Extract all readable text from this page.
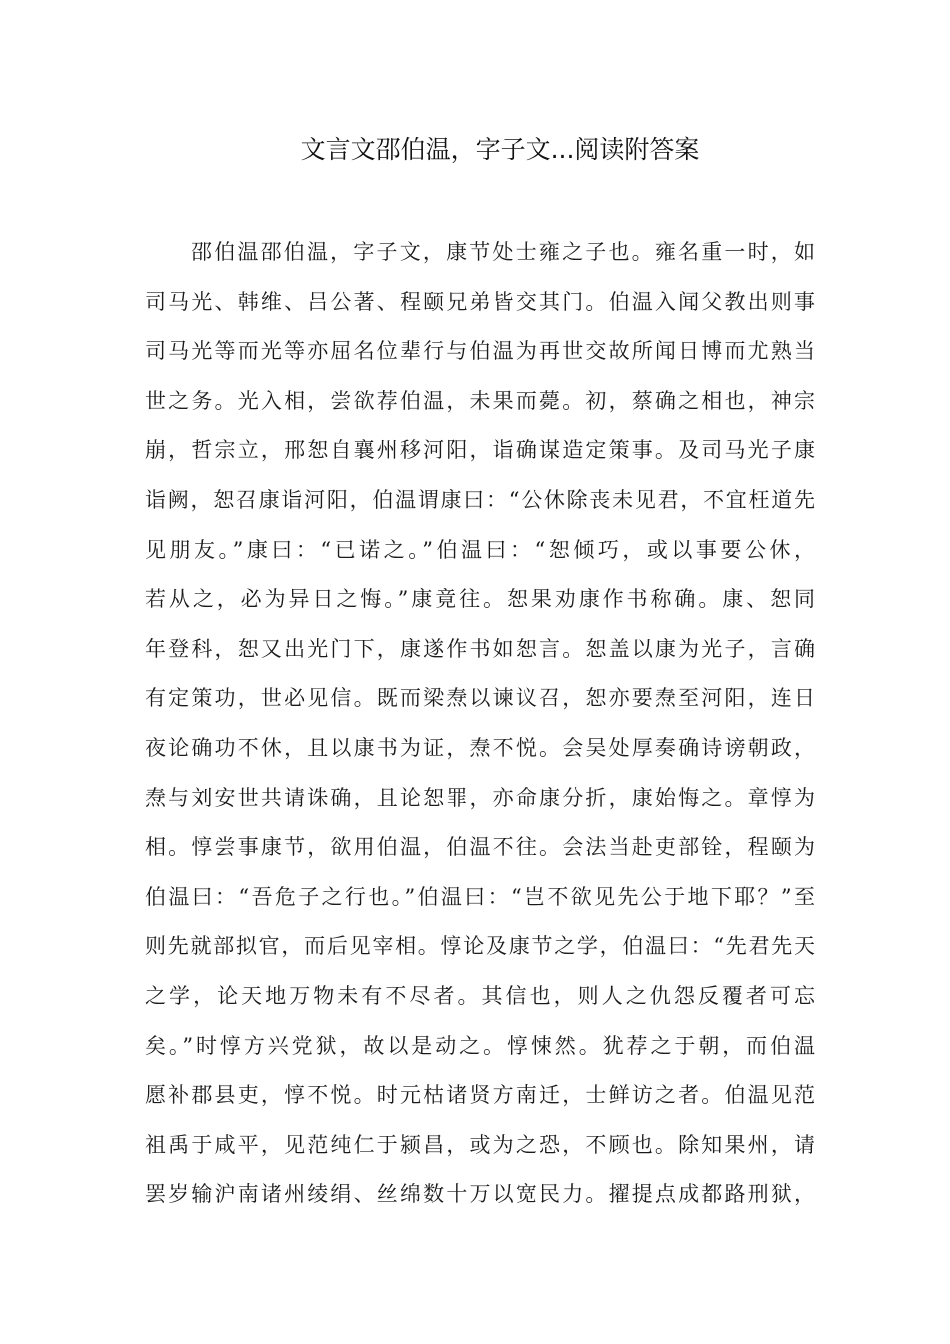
文言文邵伯温，字子文...阅读附答案
邵伯温邵伯温，字子文，康节处士雍之子也。雍名重一时，如
司马光、韩维、吕公著、程颐兄弟皆交其门。伯温入闻父教出则事
司马光等而光等亦屈名位辈行与伯温为再世交故所闻日博而尤熟当
世之务。光入相，尝欲荐伯温，未果而薨。初，蔡确之相也，神宗
崩，哲宗立，邢恕自襄州移河阳，诣确谋造定策事。及司马光子康
诣阙，恕召康诣河阳，伯温谓康曰：“公休除丧未见君，不宜枉道先
见朋友。”康曰：“已诺之。”伯温曰：“恕倾巧，或以事要公休，
若从之，必为异日之悔。”康竟往。恕果劝康作书称确。康、恕同
年登科，恕又出光门下，康遂作书如恕言。恕盖以康为光子，言确
有定策功，世必见信。既而梁焘以谏议召，恕亦要焘至河阳，连日
夜论确功不休，且以康书为证，焘不悦。会吴处厚奏确诗谤朝政，
焘与刘安世共请诛确，且论恕罪，亦命康分折，康始悔之。章惇为
相。惇尝事康节，欲用伯温，伯温不往。会法当赴吏部铨，程颐为
伯温曰：“吾危子之行也。”伯温曰：“岂不欲见先公于地下耶？”至
则先就部拟官，而后见宰相。惇论及康节之学，伯温曰：“先君先天
之学，论天地万物未有不尽者。其信也，则人之仇怨反覆者可忘
矣。”时惇方兴党狱，故以是动之。惇悚然。犹荐之于朝，而伯温
愿补郡县吏，惇不悦。时元枯诸贤方南迁，士鲜访之者。伯温见范
祖禹于咸平，见范纯仁于颍昌，或为之恐，不顾也。除知果州，请
罢岁输沪南诸州绫绢、丝绵数十万以宽民力。擢提点成都路刑狱，
